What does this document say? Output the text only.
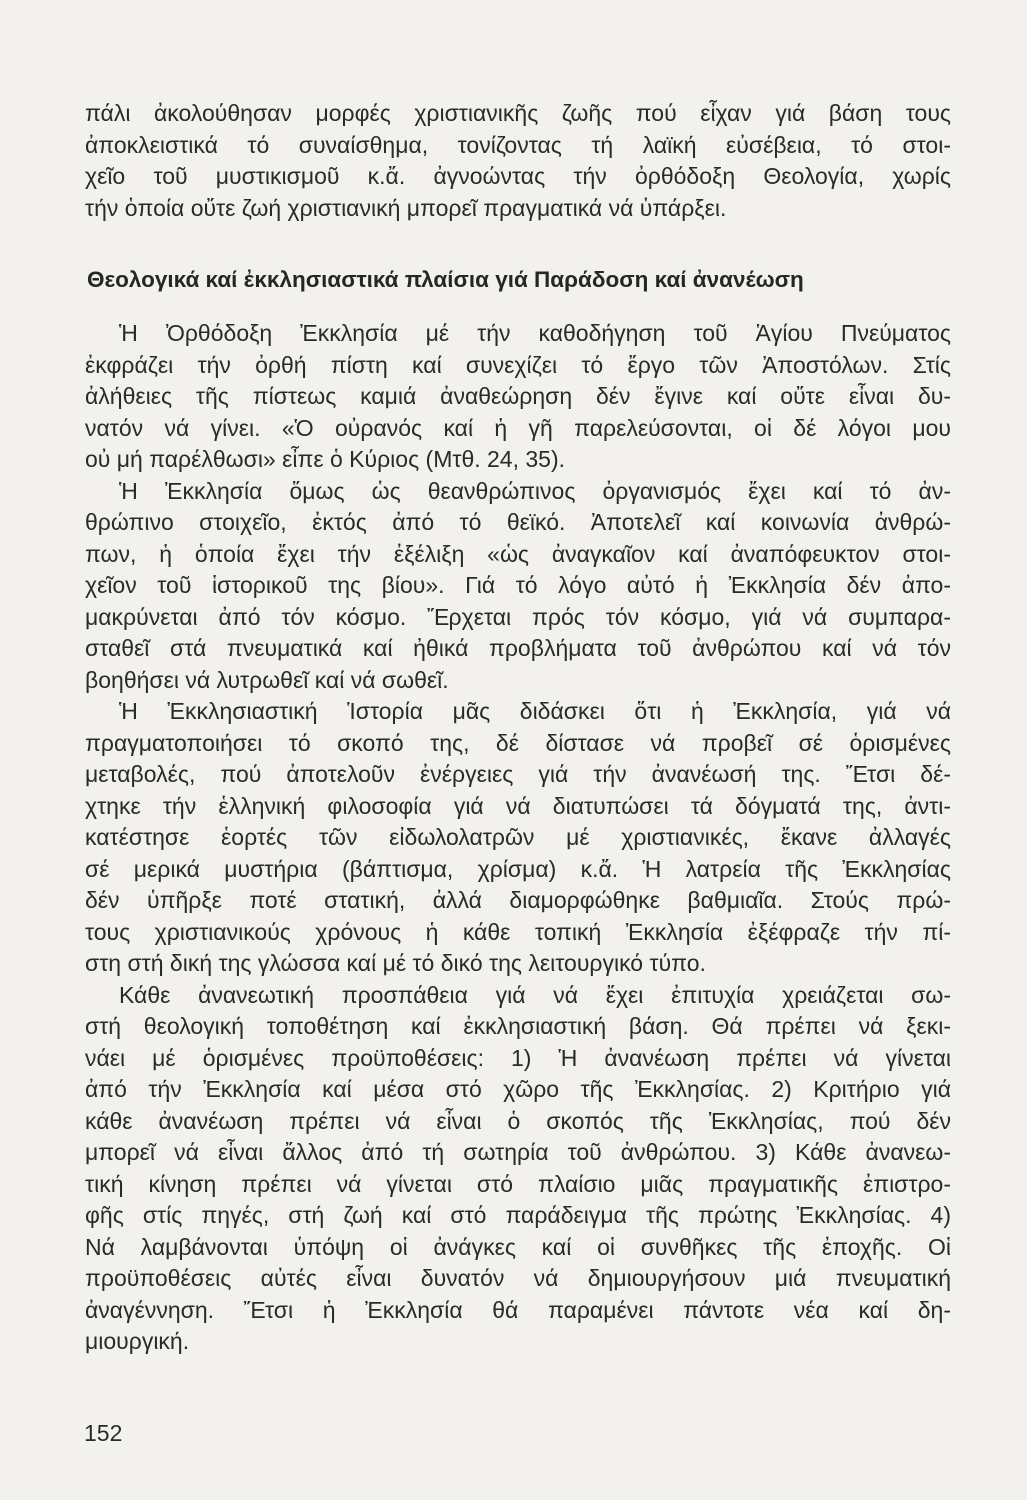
πάλι ἀκολούθησαν μορφές χριστιανικῆς ζωῆς πού εἶχαν γιά βάση τους
ἀποκλειστικά τό συναίσθημα, τονίζοντας τή λαϊκή εὐσέβεια, τό στοι-
χεῖο τοῦ μυστικισμοῦ κ.ἄ. ἀγνοώντας τήν ὀρθόδοξη Θεολογία, χωρίς
τήν ὁποία οὔτε ζωή χριστιανική μπορεῖ πραγματικά νά ὑπάρξει.
Θεολογικά καί ἐκκλησιαστικά πλαίσια γιά Παράδοση καί ἀνανέωση
Ἡ Ὀρθόδοξη Ἐκκλησία μέ τήν καθοδήγηση τοῦ Ἁγίου Πνεύματος
ἐκφράζει τήν ὀρθή πίστη καί συνεχίζει τό ἔργο τῶν Ἀποστόλων. Στίς
ἀλήθειες τῆς πίστεως καμιά ἀναθεώρηση δέν ἔγινε καί οὔτε εἶναι δυ-
νατόν νά γίνει. «Ὁ οὐρανός καί ἡ γῆ παρελεύσονται, οἱ δέ λόγοι μου
οὐ μή παρέλθωσι» εἶπε ὁ Κύριος (Μτθ. 24, 35).
Ἡ Ἐκκλησία ὅμως ὡς θεανθρώπινος ὀργανισμός ἔχει καί τό ἀν-
θρώπινο στοιχεῖο, ἐκτός ἀπό τό θεϊκό. Ἀποτελεῖ καί κοινωνία ἀνθρώ-
πων, ἡ ὁποία ἔχει τήν ἐξέλιξη «ὡς ἀναγκαῖον καί ἀναπόφευκτον στοι-
χεῖον τοῦ ἱστορικοῦ της βίου». Γιά τό λόγο αὐτό ἡ Ἐκκλησία δέν ἀπο-
μακρύνεται ἀπό τόν κόσμο. Ἔρχεται πρός τόν κόσμο, γιά νά συμπαρα-
σταθεῖ στά πνευματικά καί ἠθικά προβλήματα τοῦ ἀνθρώπου καί νά τόν
βοηθήσει νά λυτρωθεῖ καί νά σωθεῖ.
Ἡ Ἐκκλησιαστική Ἱστορία μᾶς διδάσκει ὅτι ἡ Ἐκκλησία, γιά νά
πραγματοποιήσει τό σκοπό της, δέ δίστασε νά προβεῖ σέ ὁρισμένες
μεταβολές, πού ἀποτελοῦν ἐνέργειες γιά τήν ἀνανέωσή της. Ἔτσι δέ-
χτηκε τήν ἑλληνική φιλοσοφία γιά νά διατυπώσει τά δόγματά της, ἀντι-
κατέστησε ἑορτές τῶν εἰδωλολατρῶν μέ χριστιανικές, ἔκανε ἀλλαγές
σέ μερικά μυστήρια (βάπτισμα, χρίσμα) κ.ἄ. Ἡ λατρεία τῆς Ἐκκλησίας
δέν ὑπῆρξε ποτέ στατική, ἀλλά διαμορφώθηκε βαθμιαῖα. Στούς πρώ-
τους χριστιανικούς χρόνους ἡ κάθε τοπική Ἐκκλησία ἐξέφραζε τήν πί-
στη στή δική της γλώσσα καί μέ τό δικό της λειτουργικό τύπο.
Κάθε ἀνανεωτική προσπάθεια γιά νά ἔχει ἐπιτυχία χρειάζεται σω-
στή θεολογική τοποθέτηση καί ἐκκλησιαστική βάση. Θά πρέπει νά ξεκι-
νάει μέ ὁρισμένες προϋποθέσεις: 1) Ἡ ἀνανέωση πρέπει νά γίνεται
ἀπό τήν Ἐκκλησία καί μέσα στό χῶρο τῆς Ἐκκλησίας. 2) Κριτήριο γιά
κάθε ἀνανέωση πρέπει νά εἶναι ὁ σκοπός τῆς Ἐκκλησίας, πού δέν
μπορεῖ νά εἶναι ἄλλος ἀπό τή σωτηρία τοῦ ἀνθρώπου. 3) Κάθε ἀνανεω-
τική κίνηση πρέπει νά γίνεται στό πλαίσιο μιᾶς πραγματικῆς ἐπιστρο-
φῆς στίς πηγές, στή ζωή καί στό παράδειγμα τῆς πρώτης Ἐκκλησίας. 4)
Νά λαμβάνονται ὑπόψη οἱ ἀνάγκες καί οἱ συνθῆκες τῆς ἐποχῆς. Οἱ
προϋποθέσεις αὐτές εἶναι δυνατόν νά δημιουργήσουν μιά πνευματική
ἀναγέννηση. Ἔτσι ἡ Ἐκκλησία θά παραμένει πάντοτε νέα καί δη-
μιουργική.
152
